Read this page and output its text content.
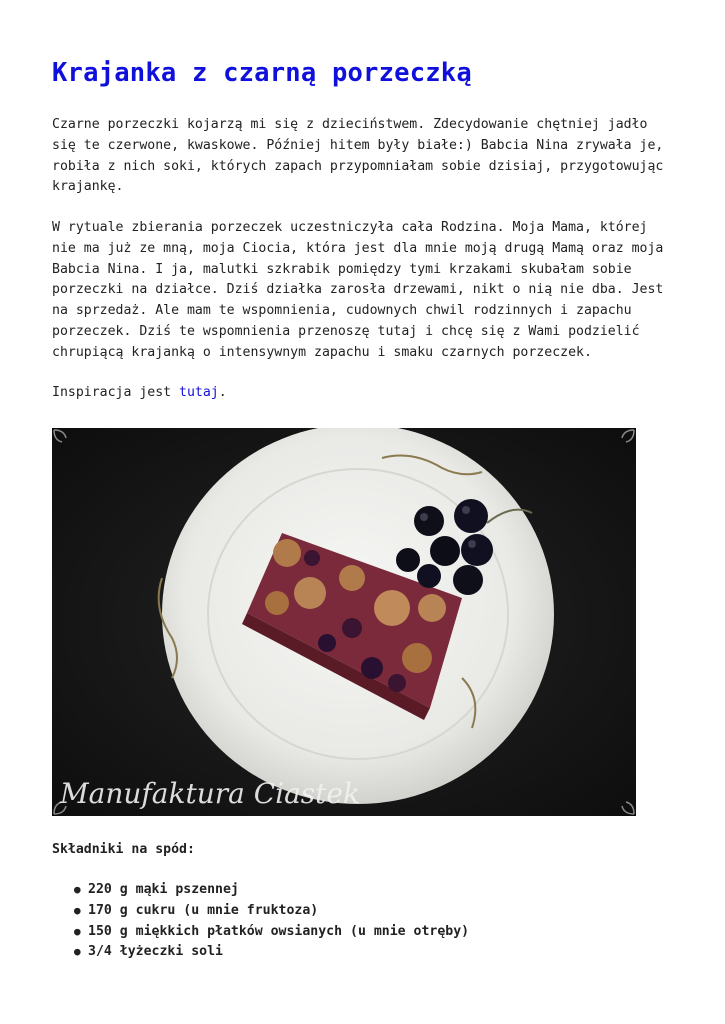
Krajanka z czarną porzeczką

Czarne porzeczki kojarzą mi się z dzieciństwem. Zdecydowanie chętniej jadło
się te czerwone, kwaskowe. Później hitem były białe:) Babcia Nina zrywała je,
robiła z nich soki, których zapach przypomniałam sobie dzisiaj, przygotowując
krajankę.

W rytuale zbierania porzeczek uczestniczyła cała Rodzina. Moja Mama, której
nie ma już ze mną, moja Ciocia, która jest dla mnie moją drugą Mamą oraz moja
Babcia Nina. I ja, malutki szkrabik pomiędzy tymi krzakami skubałam sobie
porzeczki na działce. Dziś działka zarosła drzewami, nikt o nią nie dba. Jest
na sprzedaż. Ale mam te wspomnienia, cudownych chwil rodzinnych i zapachu
porzeczek. Dziś te wspomnienia przenoszę tutaj i chcę się z Wami podzielić
chrupiącą krajanką o intensywnym zapachu i smaku czarnych porzeczek.

Inspiracja jest tutaj.

Manufaktura Ciastek

Składniki na spód:

● 220 g mąki pszennej
● 170 g cukru (u mnie fruktoza)
● 150 g miękkich płatków owsianych (u mnie otręby)
● 3/4 łyżeczki soli
